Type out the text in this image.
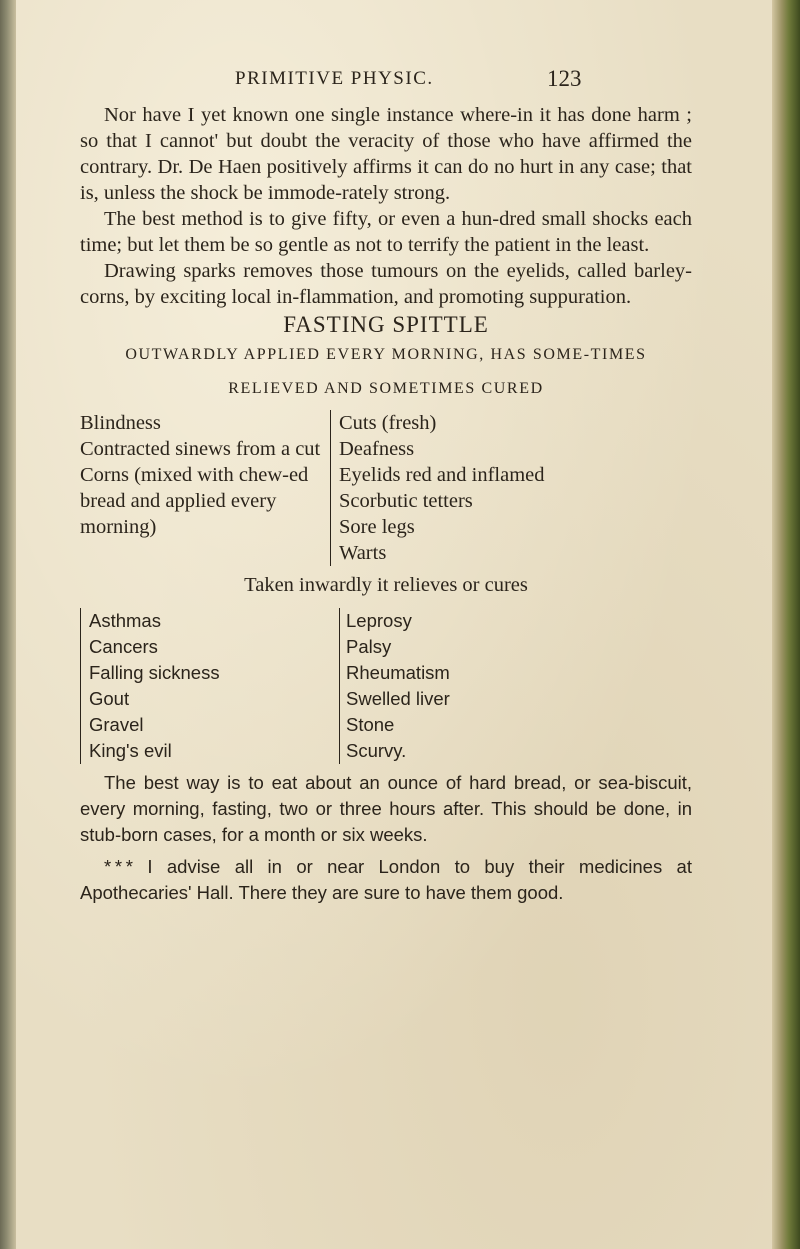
PRIMITIVE PHYSIC.	123

Nor have I yet known one single instance where-in it has done harm ; so that I cannot' but doubt the veracity of those who have affirmed the contrary. Dr. De Haen positively affirms it can do no hurt in any case; that is, unless the shock be immode-rately strong.

The best method is to give fifty, or even a hun-dred small shocks each time; but let them be so gentle as not to terrify the patient in the least.

Drawing sparks removes those tumours on the eyelids, called barley-corns, by exciting local in-flammation, and promoting suppuration.

FASTING SPITTLE

OUTWARDLY APPLIED EVERY MORNING, HAS SOME-TIMES RELIEVED AND SOMETIMES CURED

Blindness
Contracted sinews from a cut
Corns (mixed with chew-ed bread and applied every morning)
Cuts (fresh)
Deafness
Eyelids red and inflamed
Scorbutic tetters
Sore legs
Warts

Taken inwardly it relieves or cures

Asthmas
Cancers
Falling sickness
Gout
Gravel
King's evil
Leprosy
Palsy
Rheumatism
Swelled liver
Stone
Scurvy.

The best way is to eat about an ounce of hard bread, or sea-biscuit, every morning, fasting, two or three hours after. This should be done, in stub-born cases, for a month or six weeks.

* * * I advise all in or near London to buy their medicines at Apothecaries' Hall. There they are sure to have them good.
